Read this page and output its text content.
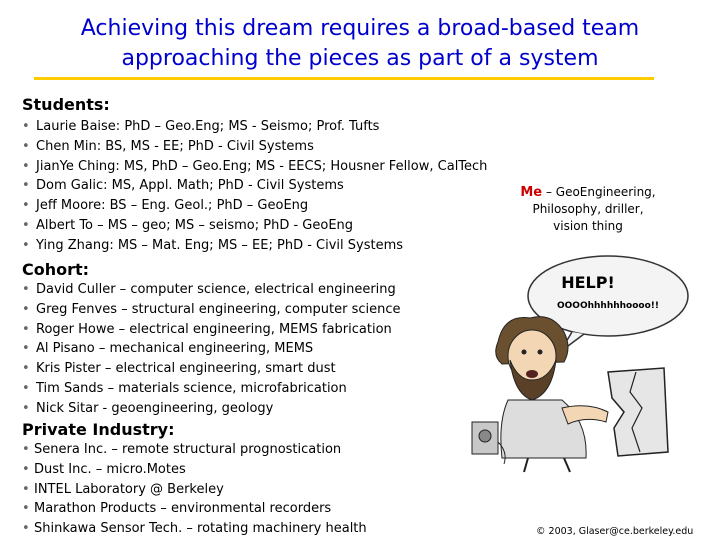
Achieving this dream requires a broad-based team
approaching the pieces as part of a system
Students:
• Laurie Baise: PhD – Geo.Eng; MS - Seismo; Prof. Tufts
• Chen Min: BS, MS - EE; PhD - Civil Systems
• JianYe Ching: MS, PhD – Geo.Eng; MS - EECS; Housner Fellow, CalTech
• Dom Galic: MS, Appl. Math; PhD - Civil Systems
• Jeff Moore: BS – Eng. Geol.; PhD – GeoEng
• Albert To – MS – geo; MS – seismo; PhD - GeoEng
• Ying Zhang: MS – Mat. Eng; MS – EE; PhD - Civil Systems
Cohort:
• David Culler – computer science, electrical engineering
• Greg Fenves – structural engineering, computer science
• Roger Howe – electrical engineering, MEMS fabrication
• Al Pisano – mechanical engineering, MEMS
• Kris Pister – electrical engineering, smart dust
• Tim Sands – materials science, microfabrication
• Nick Sitar - geoengineering, geology
Private Industry:
• Senera Inc. – remote structural prognostication
• Dust Inc. – micro.Motes
• INTEL Laboratory @ Berkeley
• Marathon Products – environmental recorders
• Shinkawa Sensor Tech. – rotating machinery health
Me – GeoEngineering,
Philosophy, driller,
vision thing
HELP!
OOOOhhhhhhoooo!!
© 2003, Glaser@ce.berkeley.edu
